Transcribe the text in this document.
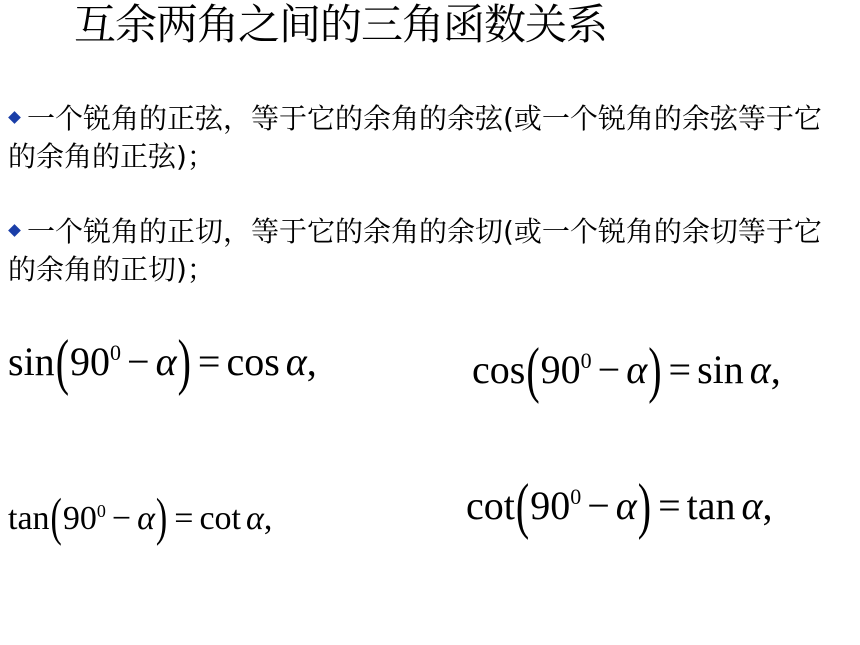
互余两角之间的三角函数关系
一个锐角的正弦，等于它的余角的余弦(或一个锐角的余弦等于它的余角的正弦)；
一个锐角的正切，等于它的余角的余切(或一个锐角的余切等于它的余角的正切)；
sin ( 90 0 − α ) = cos α ,	cos ( 90 0 − α ) = sin α ,
tan ( 90 0 − α ) = cot α ,	cot ( 90 0 − α ) = tan α ,
